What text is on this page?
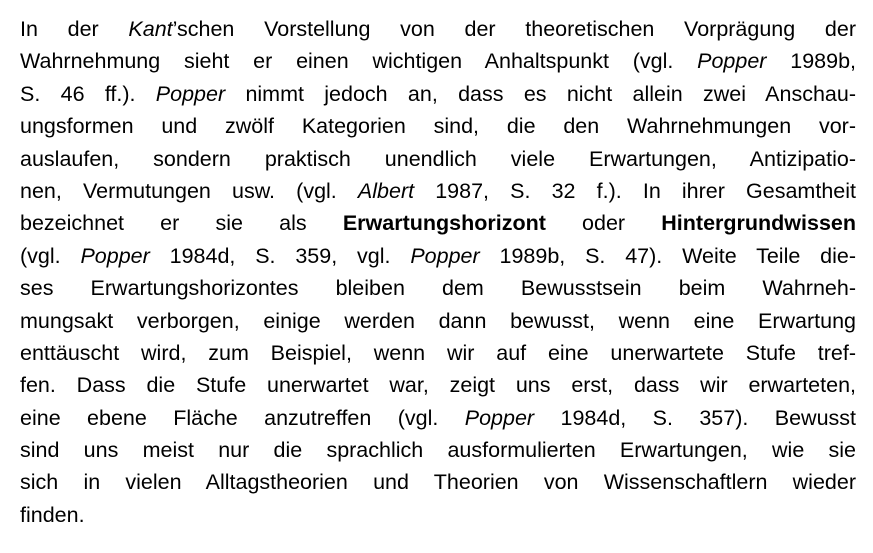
In der Kant’schen Vorstellung von der theoretischen Vorprägung der
Wahrnehmung sieht er einen wichtigen Anhaltspunkt (vgl. Popper 1989b,
S. 46 ff.). Popper nimmt jedoch an, dass es nicht allein zwei Anschau-
ungsformen und zwölf Kategorien sind, die den Wahrnehmungen vor-
auslaufen, sondern praktisch unendlich viele Erwartungen, Antizipatio-
nen, Vermutungen usw. (vgl. Albert 1987, S. 32 f.). In ihrer Gesamtheit
bezeichnet er sie als Erwartungshorizont oder Hintergrundwissen
(vgl. Popper 1984d, S. 359, vgl. Popper 1989b, S. 47). Weite Teile die-
ses Erwartungshorizontes bleiben dem Bewusstsein beim Wahrneh-
mungsakt verborgen, einige werden dann bewusst, wenn eine Erwartung
enttäuscht wird, zum Beispiel, wenn wir auf eine unerwartete Stufe tref-
fen. Dass die Stufe unerwartet war, zeigt uns erst, dass wir erwarteten,
eine ebene Fläche anzutreffen (vgl. Popper 1984d, S. 357). Bewusst
sind uns meist nur die sprachlich ausformulierten Erwartungen, wie sie
sich in vielen Alltagstheorien und Theorien von Wissenschaftlern wieder
finden.
